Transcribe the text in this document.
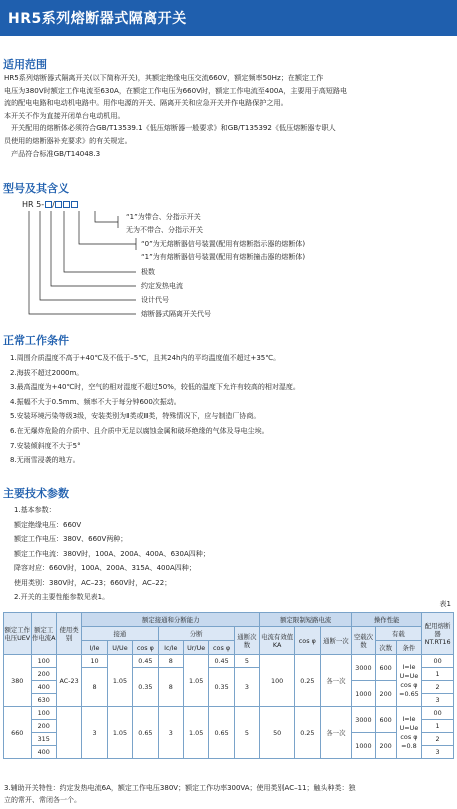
HR5系列熔断器式隔离开关
适用范围

HR5系列熔断器式隔离开关(以下简称开关)，其额定绝缘电压交流660V，额定频率50Hz；在额定工作

电压为380V时额定工作电流至630A，在额定工作电压为660V时，额定工作电流至400A，主要用于高短路电

流的配电电路和电动机电路中。用作电源的开关、隔离开关和应急开关并作电路保护之用。

本开关不作为直接开闭单台电动机用。

　开关配用的熔断体必须符合GB/T13539.1《低压熔断器一般要求》和GB/T135392《低压熔断器专职人

员使用的熔断器补充要求》的有关规定。

　产品符合标准GB/T14048.3

型号及其含义
HR 5- /
“1”为带合、分指示开关
无为不带合、分指示开关
“0”为无熔断器信号装置(配用有熔断指示器的熔断体)
“1”为有熔断器信号装置(配用有熔断撞击器的熔断体)
极数
约定发热电流
设计代号
熔断器式隔离开关代号
正常工作条件

1.周围介质温度不高于+40℃及不低于–5℃，且其24h内的平均温度值不超过+35℃。

2.海拔不超过2000m。

3.最高温度为+40℃时，空气的相对湿度不超过50%，较低的温度下允许有较高的相对湿度。

4.振幅不大于0.5mm、频率不大于每分钟600次振动。

5.安装环境污染等级3级，安装类别为Ⅱ类或Ⅲ类，特殊情况下，应与制造厂协商。

6.在无爆炸危险的介质中、且介质中无足以腐蚀金属和破坏绝缘的气体及导电尘埃。

7.安装倾斜度不大于5°

8.无雨雪浸袭的地方。

主要技术参数

1.基本参数：

额定绝缘电压：660V

额定工作电压：380V、660V两种；

额定工作电流：380V时，100A、200A、400A、630A四种；

降容对应：660V时，100A、200A、315A、400A四种；

使用类别：380V时，AC–23；660V时，AC–22；

2.开关的主要性能参数见表1。

表1
额定工作电压UEV	额定工作电流A	使用类别	额定接通和分断能力							额定限制短路电流			操作性能			配用熔断器NT.RT16
			接通			分断			通断次数	电流有效值KA	cos φ	通断一次	空载次数	有载		
			I/Ie	U/Ue	cos φ	Ic/Ie	Ur/Ue	cos φ						次数	条件	
380	100	AC-23	10	1.05	0.45	8	1.05	0.45	5	100	0.25	各一次	3000	600	I=Ie U=Ue cos φ =0.65	00
	200		8		0.35	8		0.35	3							1
	400												1000	200		2
	630															3
660	100		3	1.05	0.65	3	1.05	0.65	5	50	0.25	各一次	3000	600	I=Ie U=Ue cos φ =0.8	00
	200															1
	315												1000	200		2
	400															3

3.辅助开关特性：约定发热电流6A，额定工作电压380V；额定工作功率300VA；使用类别AC–11；触头种类：独

立的常开、常闭各一个。
